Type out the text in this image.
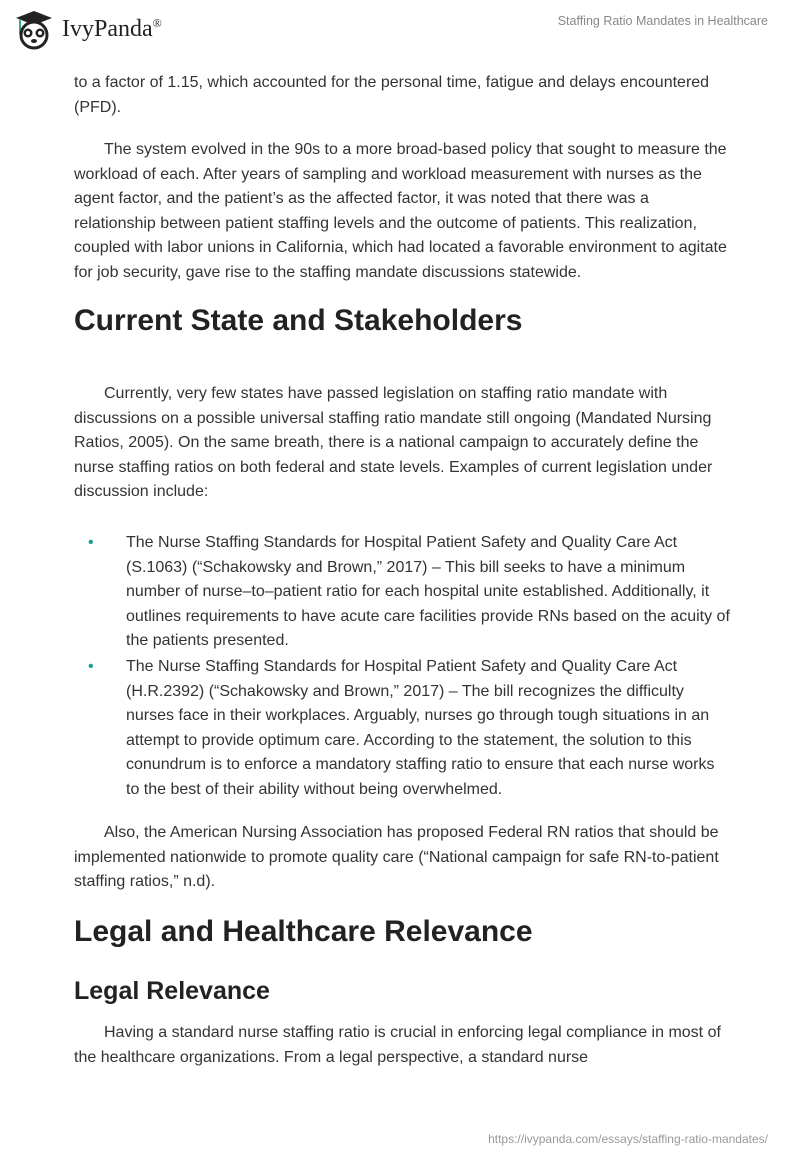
IvyPanda®	Staffing Ratio Mandates in Healthcare

to a factor of 1.15, which accounted for the personal time, fatigue and delays encountered (PFD).

The system evolved in the 90s to a more broad-based policy that sought to measure the workload of each. After years of sampling and workload measurement with nurses as the agent factor, and the patient’s as the affected factor, it was noted that there was a relationship between patient staffing levels and the outcome of patients. This realization, coupled with labor unions in California, which had located a favorable environment to agitate for job security, gave rise to the staffing mandate discussions statewide.

Current State and Stakeholders

Currently, very few states have passed legislation on staffing ratio mandate with discussions on a possible universal staffing ratio mandate still ongoing (Mandated Nursing Ratios, 2005). On the same breath, there is a national campaign to accurately define the nurse staffing ratios on both federal and state levels. Examples of current legislation under discussion include:

• The Nurse Staffing Standards for Hospital Patient Safety and Quality Care Act (S.1063) (“Schakowsky and Brown,” 2017) – This bill seeks to have a minimum number of nurse–to–patient ratio for each hospital unite established. Additionally, it outlines requirements to have acute care facilities provide RNs based on the acuity of the patients presented.
• The Nurse Staffing Standards for Hospital Patient Safety and Quality Care Act (H.R.2392) (“Schakowsky and Brown,” 2017) – The bill recognizes the difficulty nurses face in their workplaces. Arguably, nurses go through tough situations in an attempt to provide optimum care. According to the statement, the solution to this conundrum is to enforce a mandatory staffing ratio to ensure that each nurse works to the best of their ability without being overwhelmed.

Also, the American Nursing Association has proposed Federal RN ratios that should be implemented nationwide to promote quality care (“National campaign for safe RN-to-patient staffing ratios,” n.d).

Legal and Healthcare Relevance
Legal Relevance

Having a standard nurse staffing ratio is crucial in enforcing legal compliance in most of the healthcare organizations. From a legal perspective, a standard nurse

https://ivypanda.com/essays/staffing-ratio-mandates/
